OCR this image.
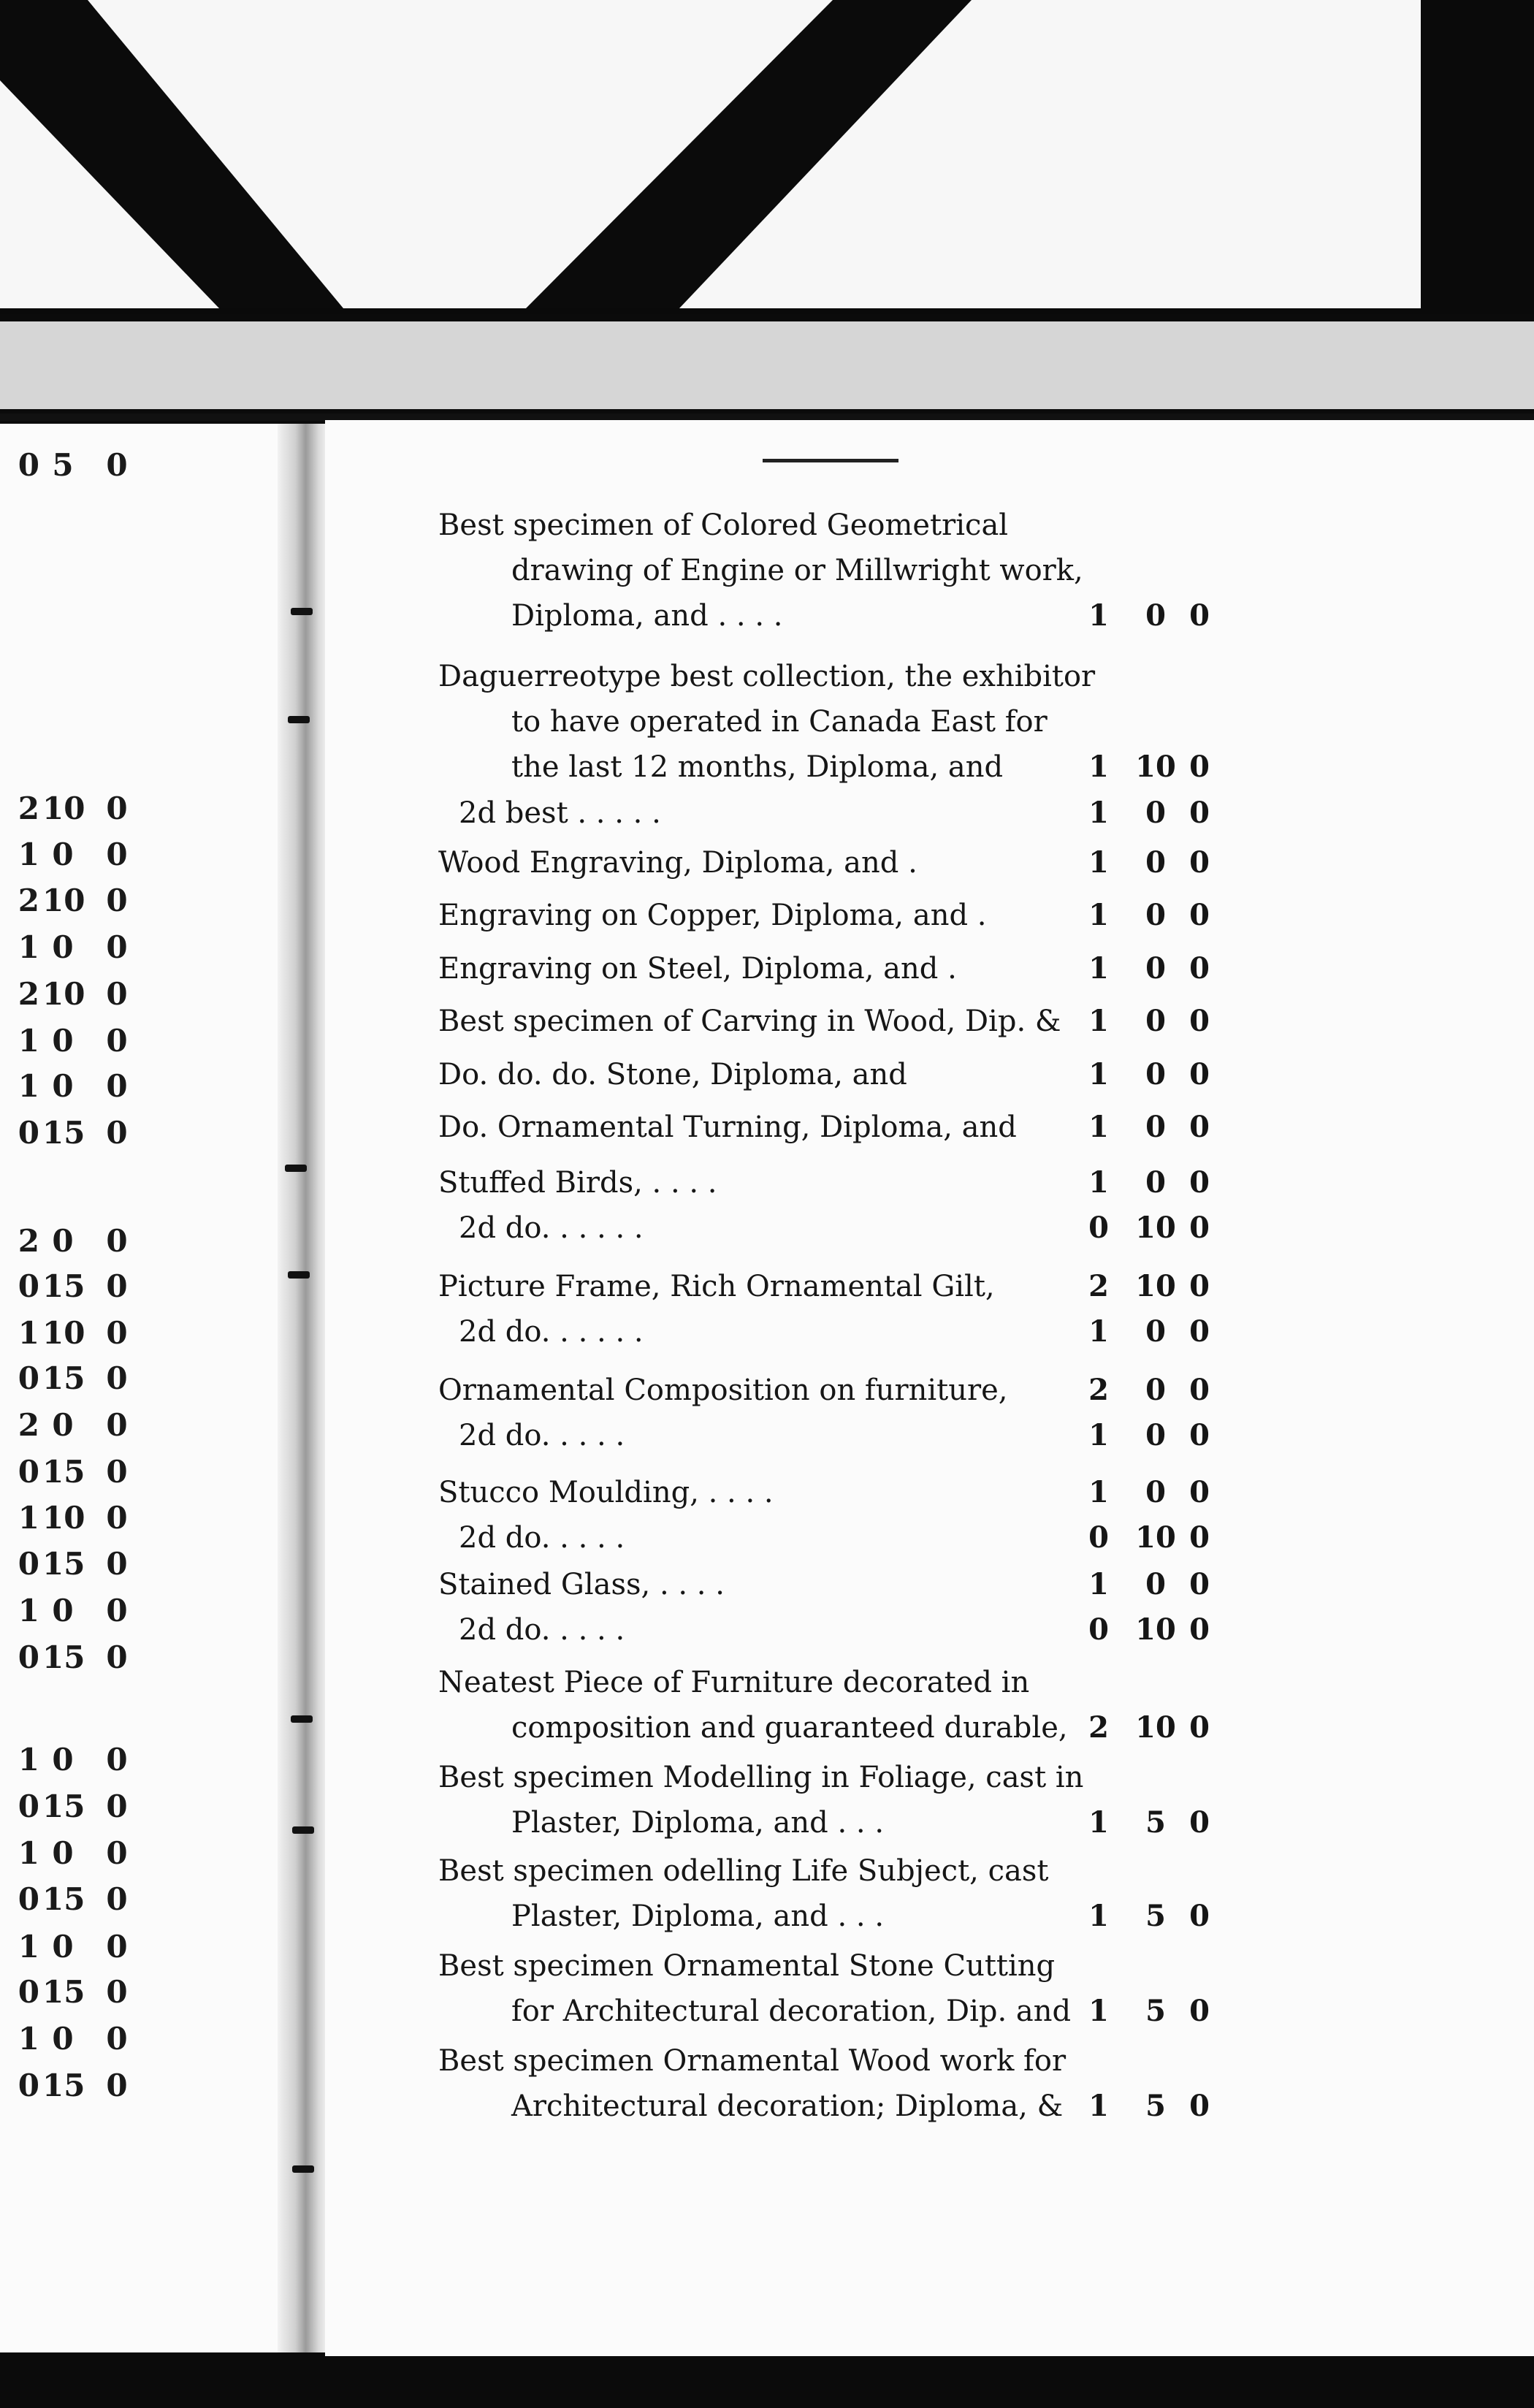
Best specimen of Colored Geometrical
drawing of Engine or Millwright work,
Diploma, and . . . .	1	0 0
Daguerreotype best collection, the exhibitor
to have operated in Canada East for
the last 12 months, Diploma, and	1 10 0
2d best . . . . .	1	0 0
Wood Engraving, Diploma, and .	1	0 0
Engraving on Copper, Diploma, and .	1	0 0
Engraving on Steel, Diploma, and .	1	0 0
Best specimen of Carving in Wood, Dip. & 1	0 0
Do. do. do. Stone, Diploma, and	1	0 0
Do. Ornamental Turning, Diploma, and	1	0 0
Stuffed Birds, . . . .	1	0 0
2d do. . . . . .	0 10 0
Picture Frame, Rich Ornamental Gilt,	2 10 0
2d do. . . . . .	1	0 0
Ornamental Composition on furniture,	2	0 0
2d do. . . . .	1	0 0
Stucco Moulding, . . . .	1	0 0
2d do. . . . .	0 10 0
Stained Glass, . . . .	1	0 0
2d do. . . . .	0 10 0
Neatest Piece of Furniture decorated in
composition and guaranteed durable, 2 10 0
Best specimen Modelling in Foliage, cast in
Plaster, Diploma, and . . .	1	5 0
Best specimen odelling Life Subject, cast
Plaster, Diploma, and . . .	1	5 0
Best specimen Ornamental Stone Cutting
for Architectural decoration, Dip. and 1	5 0
Best specimen Ornamental Wood work for
Architectural decoration; Diploma, & 1	5 0
0 5	0
2 10 0
1 0	0
2 10 0
1 0	0
2 10 0
1 0	0
1 0	0
0 15 0
2 0	0
0 15 0
1 10 0
0 15 0
2 0	0
0 15 0
1 10 0
0 15 0
1 0	0
0 15 0
1 0	0
0 15 0
1 0	0
0 15 0
1 0	0
0 15 0
1 0	0
0 15 0
